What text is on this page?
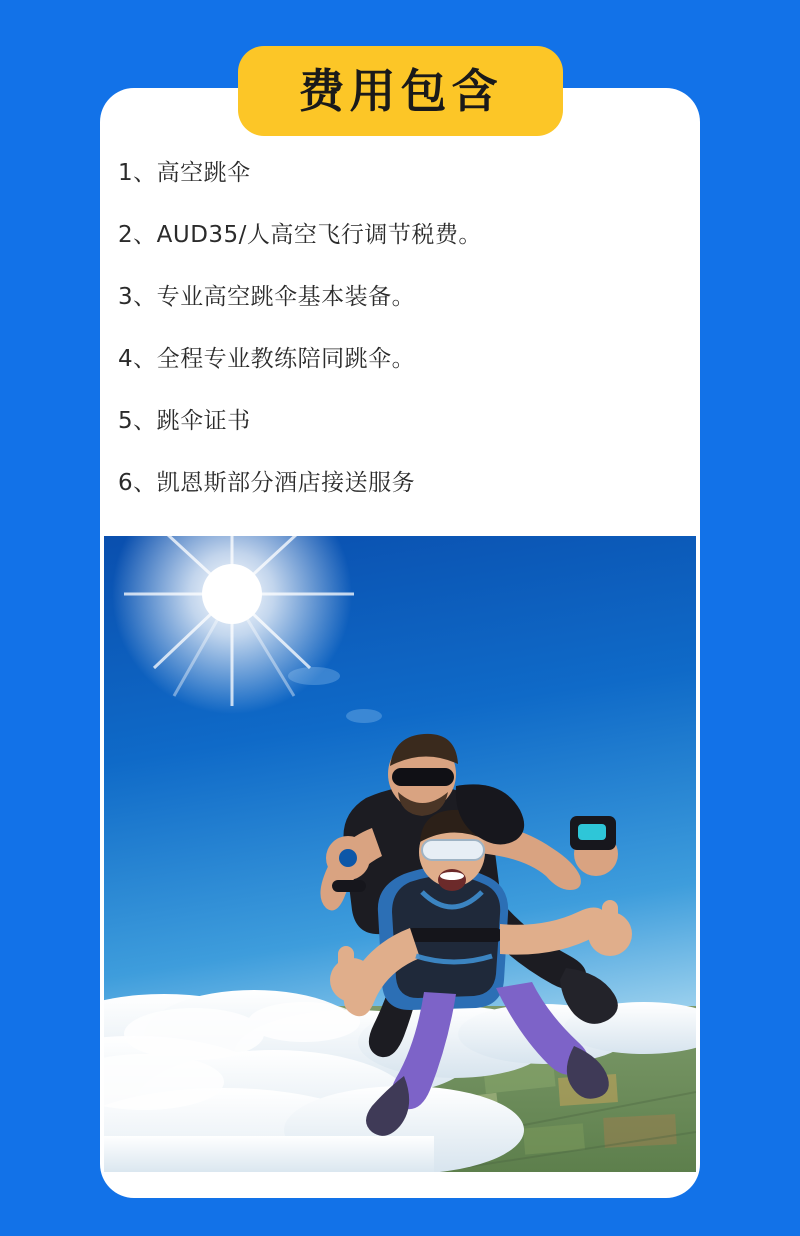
费用包含
1、高空跳伞
2、AUD35/人高空飞行调节税费。
3、专业高空跳伞基本装备。
4、全程专业教练陪同跳伞。
5、跳伞证书
6、凯恩斯部分酒店接送服务
